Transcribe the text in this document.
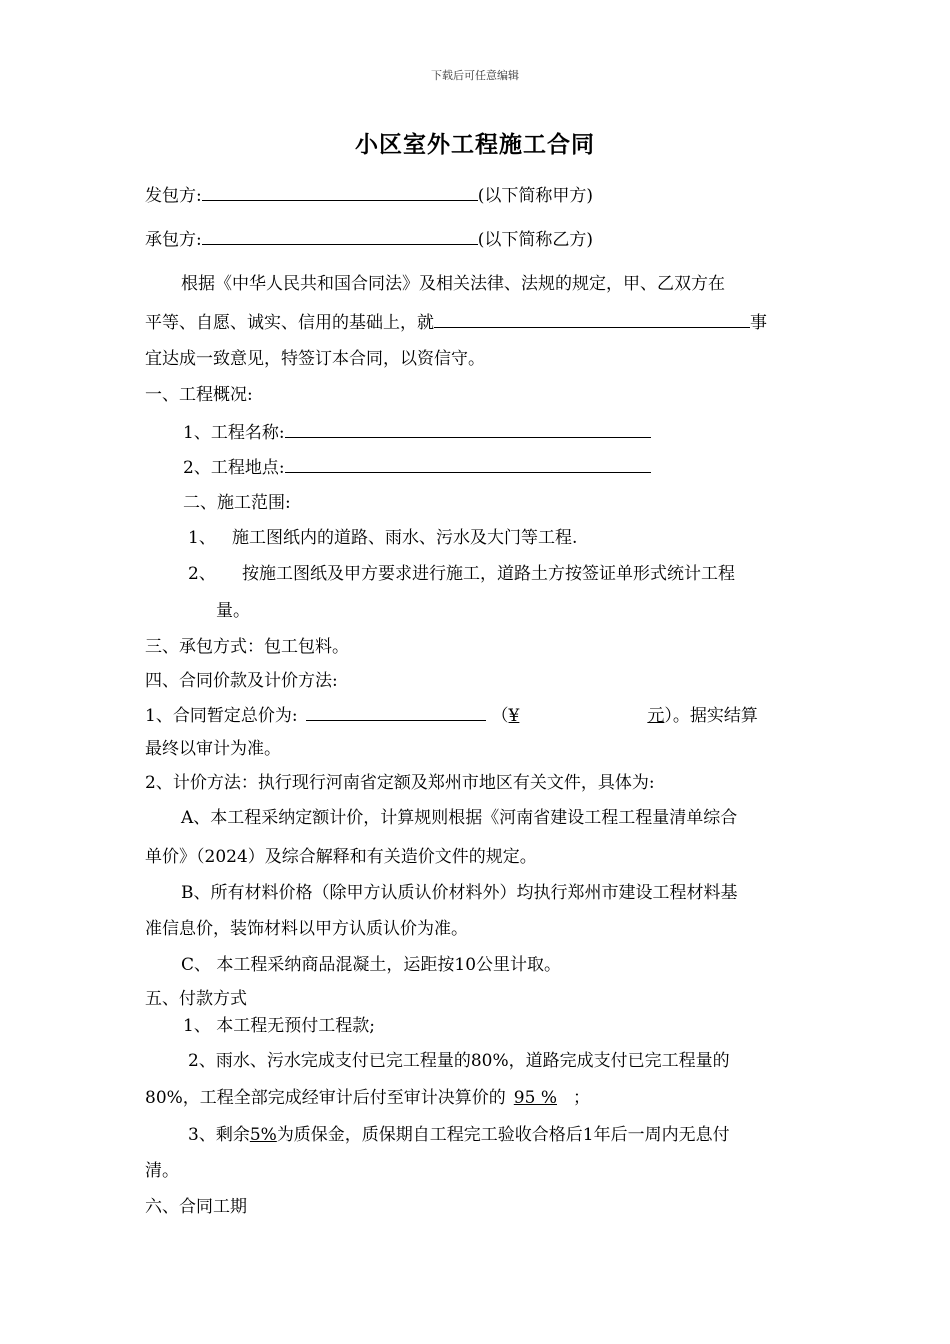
下载后可任意编辑
小区室外工程施工合同
发包方:	(以下简称甲方)
承包方:	(以下简称乙方)
根据《中华人民共和国合同法》及相关法律、法规的规定，甲、乙双方在
平等、自愿、诚实、信用的基础上，就	事
宜达成一致意见，特签订本合同，以资信守。
一、工程概况:
1、工程名称:
2、工程地点:
二、施工范围:
1、 施工图纸内的道路、雨水、污水及大门等工程.
2、 按施工图纸及甲方要求进行施工，道路土方按签证单形式统计工程
量。
三、承包方式：包工包料。
四、合同价款及计价方法:
1、合同暂定总价为:	（¥	元）。据实结算
最终以审计为准。
2、计价方法：执行现行河南省定额及郑州市地区有关文件，具体为:
A、本工程采纳定额计价，计算规则根据《河南省建设工程工程量清单综合
单价》（2024）及综合解释和有关造价文件的规定。
B、所有材料价格（除甲方认质认价材料外）均执行郑州市建设工程材料基
准信息价，装饰材料以甲方认质认价为准。
C、 本工程采纳商品混凝土，运距按10公里计取。
五、付款方式
1、 本工程无预付工程款;
2、雨水、污水完成支付已完工程量的80%，道路完成支付已完工程量的
80%，工程全部完成经审计后付至审计决算价的 95 % ；
3、剩余5%为质保金，质保期自工程完工验收合格后1年后一周内无息付
清。
六、合同工期
